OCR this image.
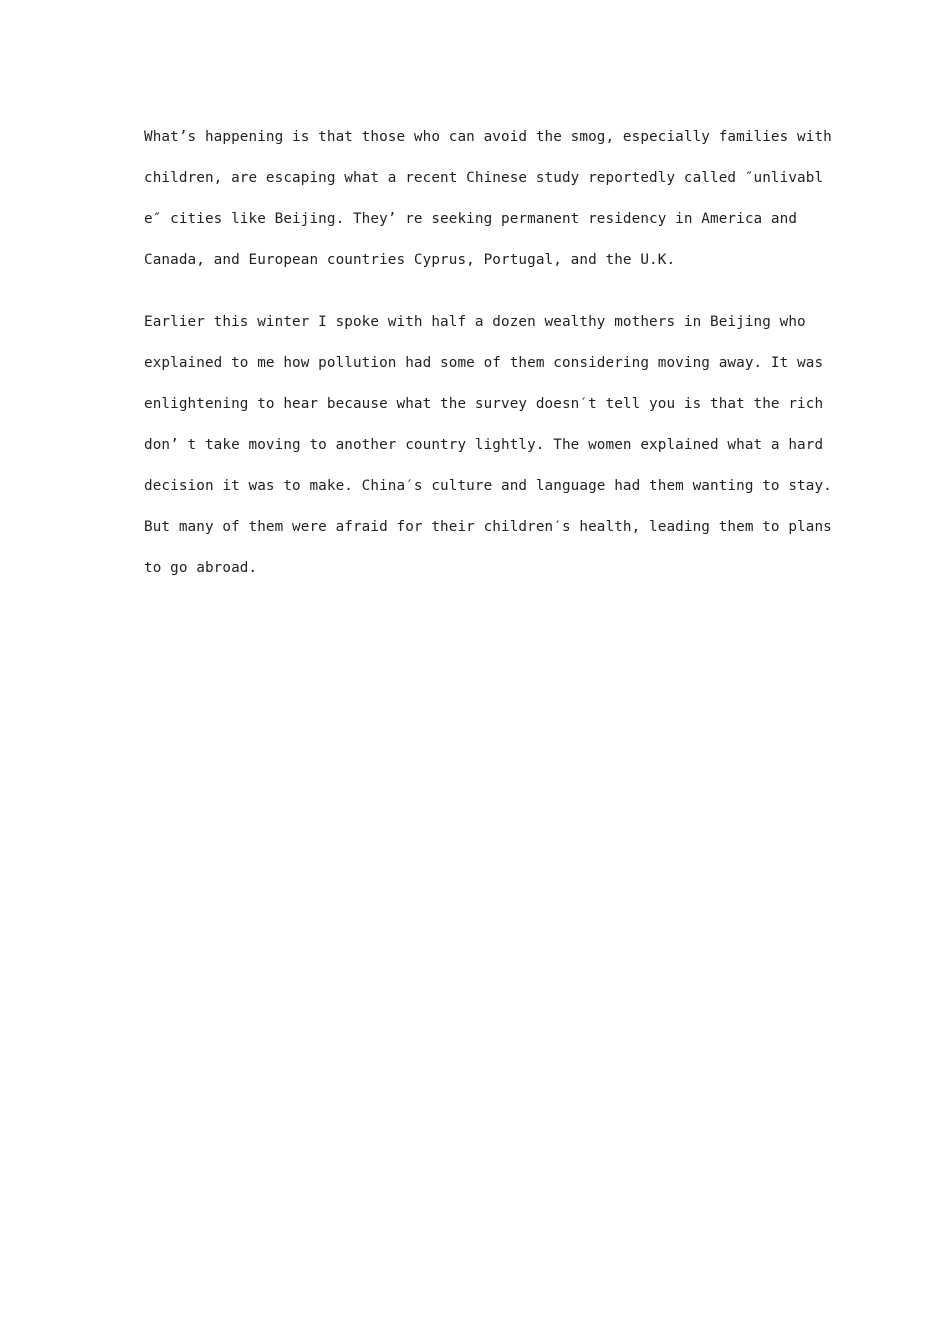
What’s happening is that those who can avoid the smog, especially families with
children, are escaping what a recent Chinese study reportedly called ″unlivabl
e″ cities like Beijing. They’ re seeking permanent residency in America and
Canada, and European countries Cyprus, Portugal, and the U.K.
Earlier this winter I spoke with half a dozen wealthy mothers in Beijing who
explained to me how pollution had some of them considering moving away. It was
enlightening to hear because what the survey doesn′t tell you is that the rich
don’ t take moving to another country lightly. The women explained what a hard
decision it was to make. China′s culture and language had them wanting to stay.
But many of them were afraid for their children′s health, leading them to plans
to go abroad.
